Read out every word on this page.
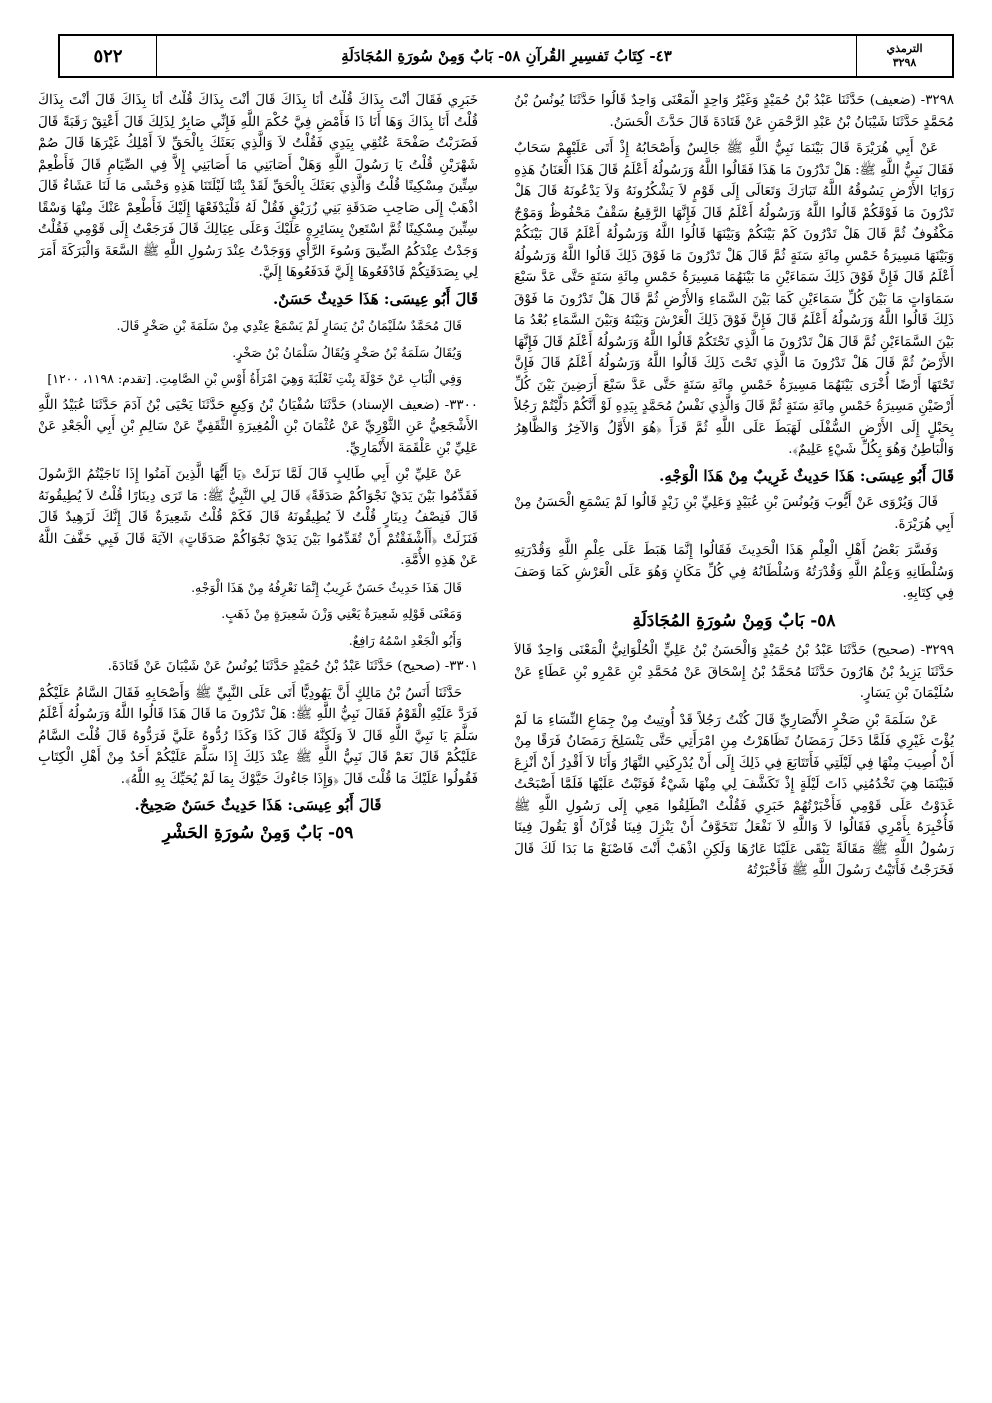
الترمذي
٣٢٩٨
٤٣- كِتَابُ تَفسِيرِ القُرآنِ ٥٨- بَابٌ وَمِنْ سُورَةِ المُجَادَلَةِ
٥٢٢

٣٢٩٨- (ضعيف) حَدَّثَنَا عَبْدُ بْنُ حُمَيْدٍ وَغَيْرُ وَاحِدٍ الْمَعْنَى وَاحِدٌ قَالُوا حَدَّثَنَا يُونُسُ بْنُ مُحَمَّدٍ حَدَّثَنَا شَيْبَانُ بْنُ عَبْدِ الرَّحْمَنِ عَنْ قَتَادَةَ قَالَ حَدَّثَ الْحَسَنُ.

عَنْ أَبِي هُرَيْرَةَ قَالَ بَيْنَمَا نَبِيُّ اللَّهِ ﷺ جَالِسٌ وَأَصْحَابُهُ إِذْ أَتَى عَلَيْهِمْ سَحَابٌ فَقَالَ نَبِيُّ اللَّهِ ﷺ: هَلْ تَدْرُونَ مَا هَذَا فَقَالُوا اللَّهُ وَرَسُولُهُ أَعْلَمُ قَالَ هَذَا الْعَنَانُ هَذِهِ رَوَايَا الأَرْضِ يَسُوقُهُ اللَّهُ تَبَارَكَ وَتَعَالَى إِلَى قَوْمٍ لاَ يَشْكُرُونَهُ وَلاَ يَدْعُونَهُ قَالَ هَلْ تَدْرُونَ مَا فَوْقَكُمْ قَالُوا اللَّهُ وَرَسُولُهُ أَعْلَمُ قَالَ فَإِنَّهَا الرَّقِيعُ سَقْفٌ مَحْفُوظٌ وَمَوْجٌ مَكْفُوفٌ ثُمَّ قَالَ هَلْ تَدْرُونَ كَمْ بَيْنَكُمْ وَبَيْنَهَا قَالُوا اللَّهُ وَرَسُولُهُ أَعْلَمُ قَالَ بَيْنَكُمْ وَبَيْنَهَا مَسِيرَةُ خَمْسِ مِائَةِ سَنَةٍ ثُمَّ قَالَ هَلْ تَدْرُونَ مَا فَوْقَ ذَلِكَ قَالُوا اللَّهُ وَرَسُولُهُ أَعْلَمُ قَالَ فَإِنَّ فَوْقَ ذَلِكَ سَمَاءَيْنِ مَا بَيْنَهُمَا مَسِيرَةُ خَمْسِ مِائَةِ سَنَةٍ حَتَّى عَدَّ سَبْعَ سَمَاوَاتٍ مَا بَيْنَ كُلِّ سَمَاءَيْنِ كَمَا بَيْنَ السَّمَاءِ وَالأَرْضِ ثُمَّ قَالَ هَلْ تَدْرُونَ مَا فَوْقَ ذَلِكَ قَالُوا اللَّهُ وَرَسُولُهُ أَعْلَمُ قَالَ فَإِنَّ فَوْقَ ذَلِكَ الْعَرْشَ وَبَيْنَهُ وَبَيْنَ السَّمَاءِ بُعْدُ مَا بَيْنَ السَّمَاءَيْنِ ثُمَّ قَالَ هَلْ تَدْرُونَ مَا الَّذِي تَحْتَكُمْ قَالُوا اللَّهُ وَرَسُولُهُ أَعْلَمُ قَالَ فَإِنَّهَا الأَرْضُ ثُمَّ قَالَ هَلْ تَدْرُونَ مَا الَّذِي تَحْتَ ذَلِكَ قَالُوا اللَّهُ وَرَسُولُهُ أَعْلَمُ قَالَ فَإِنَّ تَحْتَهَا أَرْضًا أُخْرَى بَيْنَهُمَا مَسِيرَةُ خَمْسِ مِائَةِ سَنَةٍ حَتَّى عَدَّ سَبْعَ أَرَضِينَ بَيْنَ كُلِّ أَرْضَيْنِ مَسِيرَةُ خَمْسِ مِائَةِ سَنَةٍ ثُمَّ قَالَ وَالَّذِي نَفْسُ مُحَمَّدٍ بِيَدِهِ لَوْ أَنَّكُمْ دَلَّيْتُمْ رَجُلاً بِحَبْلٍ إِلَى الأَرْضِ السُّفْلَى لَهَبَطَ عَلَى اللَّهِ ثُمَّ قَرَأَ ﴿هُوَ الأَوَّلُ وَالآخِرُ وَالظَّاهِرُ وَالْبَاطِنُ وَهُوَ بِكُلِّ شَيْءٍ عَلِيمٌ﴾.

قَالَ أَبُو عِيسَى: هَذَا حَدِيثٌ غَرِيبٌ مِنْ هَذَا الْوَجْهِ.

قَالَ وَيُرْوَى عَنْ أَيُّوبَ وَيُونُسَ بْنِ عُبَيْدٍ وَعَلِيِّ بْنِ زَيْدٍ قَالُوا لَمْ يَسْمَعِ الْحَسَنُ مِنْ أَبِي هُرَيْرَةَ.

وَفَسَّرَ بَعْضُ أَهْلِ الْعِلْمِ هَذَا الْحَدِيثَ فَقَالُوا إِنَّمَا هَبَطَ عَلَى عِلْمِ اللَّهِ وَقُدْرَتِهِ وَسُلْطَانِهِ وَعِلْمُ اللَّهِ وَقُدْرَتُهُ وَسُلْطَانُهُ فِي كُلِّ مَكَانٍ وَهُوَ عَلَى الْعَرْشِ كَمَا وَصَفَ فِي كِتَابِهِ.

٥٨- بَابٌ وَمِنْ سُورَةِ المُجَادَلَةِ

٣٢٩٩- (صحيح) حَدَّثَنَا عَبْدُ بْنُ حُمَيْدٍ وَالْحَسَنُ بْنُ عَلِيٍّ الْحُلْوَانِيُّ الْمَعْنَى وَاحِدٌ قَالاَ حَدَّثَنَا يَزِيدُ بْنُ هَارُونَ حَدَّثَنَا مُحَمَّدُ بْنُ إِسْحَاقَ عَنْ مُحَمَّدِ بْنِ عَمْرِو بْنِ عَطَاءٍ عَنْ سُلَيْمَانَ بْنِ يَسَارٍ.

عَنْ سَلَمَةَ بْنِ صَخْرٍ الأَنْصَارِيِّ قَالَ كُنْتُ رَجُلاً قَدْ أُوتِيتُ مِنْ جِمَاعِ النِّسَاءِ مَا لَمْ يُؤْتَ غَيْرِي فَلَمَّا دَخَلَ رَمَضَانُ تَظَاهَرْتُ مِنِ امْرَأَتِي حَتَّى يَنْسَلِخَ رَمَضَانُ فَرَقًا مِنْ أَنْ أُصِيبَ مِنْهَا فِي لَيْلَتِي فَأَتَتَابَعَ فِي ذَلِكَ إِلَى أَنْ يُدْرِكَنِي النَّهَارُ وَأَنَا لاَ أَقْدِرُ أَنْ أَنْزِعَ فَبَيْنَمَا هِيَ تَخْدُمُنِي ذَاتَ لَيْلَةٍ إِذْ تَكَشَّفَ لِي مِنْهَا شَيْءٌ فَوَثَبْتُ عَلَيْهَا فَلَمَّا أَصْبَحْتُ غَدَوْتُ عَلَى قَوْمِي فَأَخْبَرْتُهُمْ خَبَرِي فَقُلْتُ انْطَلِقُوا مَعِي إِلَى رَسُولِ اللَّهِ ﷺ فَأُخْبِرَهُ بِأَمْرِي فَقَالُوا لاَ وَاللَّهِ لاَ نَفْعَلُ نَتَخَوَّفُ أَنْ يَنْزِلَ فِينَا قُرْآنٌ أَوْ يَقُولَ فِينَا رَسُولُ اللَّهِ ﷺ مَقَالَةً يَبْقَى عَلَيْنَا عَارُهَا وَلَكِنِ اذْهَبْ أَنْتَ فَاصْنَعْ مَا بَدَا لَكَ قَالَ فَخَرَجْتُ فَأَتَيْتُ رَسُولَ اللَّهِ ﷺ فَأَخْبَرْتُهُ

خَبَرِي فَقَالَ أَنْتَ بِذَاكَ قُلْتُ أَنَا بِذَاكَ قَالَ أَنْتَ بِذَاكَ قُلْتُ أَنَا بِذَاكَ قَالَ أَنْتَ بِذَاكَ قُلْتُ أَنَا بِذَاكَ وَهَا أَنَا ذَا فَأَمْضِ فِيَّ حُكْمَ اللَّهِ فَإِنِّي صَابِرٌ لِذَلِكَ قَالَ أَعْتِقْ رَقَبَةً قَالَ فَضَرَبْتُ صَفْحَةَ عُنُقِي بِيَدِي فَقُلْتُ لاَ وَالَّذِي بَعَثَكَ بِالْحَقِّ لاَ أَمْلِكُ غَيْرَهَا قَالَ صُمْ شَهْرَيْنِ قُلْتُ يَا رَسُولَ اللَّهِ وَهَلْ أَصَابَنِي مَا أَصَابَنِي إِلاَّ فِي الصِّيَامِ قَالَ فَأَطْعِمْ سِتِّينَ مِسْكِينًا قُلْتُ وَالَّذِي بَعَثَكَ بِالْحَقِّ لَقَدْ بِتْنَا لَيْلَتَنَا هَذِهِ وَحْشَى مَا لَنَا عَشَاءٌ قَالَ اذْهَبْ إِلَى صَاحِبِ صَدَقَةِ بَنِي زُرَيْقٍ فَقُلْ لَهُ فَلْيَدْفَعْهَا إِلَيْكَ فَأَطْعِمْ عَنْكَ مِنْهَا وَسْقًا سِتِّينَ مِسْكِينًا ثُمَّ اسْتَعِنْ بِسَائِرِهِ عَلَيْكَ وَعَلَى عِيَالِكَ قَالَ فَرَجَعْتُ إِلَى قَوْمِي فَقُلْتُ وَجَدْتُ عِنْدَكُمُ الضِّيقَ وَسُوءَ الرَّأْيِ وَوَجَدْتُ عِنْدَ رَسُولِ اللَّهِ ﷺ السَّعَةَ وَالْبَرَكَةَ أَمَرَ لِي بِصَدَقَتِكُمْ فَادْفَعُوهَا إِلَيَّ فَدَفَعُوهَا إِلَيَّ.

قَالَ أَبُو عِيسَى: هَذَا حَدِيثٌ حَسَنٌ.

قَالَ مُحَمَّدٌ سُلَيْمَانُ بْنُ يَسَارٍ لَمْ يَسْمَعْ عِنْدِي مِنْ سَلَمَةَ بْنِ صَخْرٍ قَالَ.

وَيُقَالُ سَلَمَةُ بْنُ صَخْرٍ وَيُقَالُ سَلْمَانُ بْنُ صَخْرٍ.

وَفِي الْبَابِ عَنْ خَوْلَةَ بِنْتِ ثَعْلَبَةَ وَهِيَ امْرَأَةُ أَوْسِ بْنِ الصَّامِتِ. [تقدم: ١١٩٨، ١٢٠٠]

٣٣٠٠- (ضعيف الإسناد) حَدَّثَنَا سُفْيَانُ بْنُ وَكِيعٍ حَدَّثَنَا يَحْيَى بْنُ آدَمَ حَدَّثَنَا عُبَيْدُ اللَّهِ الأَشْجَعِيُّ عَنِ الثَّوْرِيِّ عَنْ عُثْمَانَ بْنِ الْمُغِيرَةِ الثَّقَفِيِّ عَنْ سَالِمِ بْنِ أَبِي الْجَعْدِ عَنْ عَلِيِّ بْنِ عَلْقَمَةَ الأَنْمَارِيِّ.

عَنْ عَلِيِّ بْنِ أَبِي طَالِبٍ قَالَ لَمَّا نَزَلَتْ ﴿يَا أَيُّهَا الَّذِينَ آمَنُوا إِذَا نَاجَيْتُمُ الرَّسُولَ فَقَدِّمُوا بَيْنَ يَدَيْ نَجْوَاكُمْ صَدَقَةً﴾ قَالَ لِي النَّبِيُّ ﷺ: مَا تَرَى دِينَارًا قُلْتُ لاَ يُطِيقُونَهُ قَالَ فَنِصْفُ دِينَارٍ قُلْتُ لاَ يُطِيقُونَهُ قَالَ فَكَمْ قُلْتُ شَعِيرَةٌ قَالَ إِنَّكَ لَزَهِيدٌ قَالَ فَنَزَلَتْ ﴿أَأَشْفَقْتُمْ أَنْ تُقَدِّمُوا بَيْنَ يَدَيْ نَجْوَاكُمْ صَدَقَاتٍ﴾ الآيَةَ قَالَ فَبِي خَفَّفَ اللَّهُ عَنْ هَذِهِ الأُمَّةِ.

قَالَ هَذَا حَدِيثٌ حَسَنٌ غَرِيبٌ إِنَّمَا نَعْرِفُهُ مِنْ هَذَا الْوَجْهِ.

وَمَعْنَى قَوْلِهِ شَعِيرَةٌ يَعْنِي وَزْنَ شَعِيرَةٍ مِنْ ذَهَبٍ.

وَأَبُو الْجَعْدِ اسْمُهُ رَافِعٌ.

٣٣٠١- (صحيح) حَدَّثَنَا عَبْدُ بْنُ حُمَيْدٍ حَدَّثَنَا يُونُسُ عَنْ شَيْبَانَ عَنْ قَتَادَةَ.

حَدَّثَنَا أَنَسُ بْنُ مَالِكٍ أَنَّ يَهُودِيًّا أَتَى عَلَى النَّبِيِّ ﷺ وَأَصْحَابِهِ فَقَالَ السَّامُ عَلَيْكُمْ فَرَدَّ عَلَيْهِ الْقَوْمُ فَقَالَ نَبِيُّ اللَّهِ ﷺ: هَلْ تَدْرُونَ مَا قَالَ هَذَا قَالُوا اللَّهُ وَرَسُولُهُ أَعْلَمُ سَلَّمَ يَا نَبِيَّ اللَّهِ قَالَ لاَ وَلَكِنَّهُ قَالَ كَذَا وَكَذَا رُدُّوهُ عَلَيَّ فَرَدُّوهُ قَالَ قُلْتَ السَّامُ عَلَيْكُمْ قَالَ نَعَمْ قَالَ نَبِيُّ اللَّهِ ﷺ عِنْدَ ذَلِكَ إِذَا سَلَّمَ عَلَيْكُمْ أَحَدٌ مِنْ أَهْلِ الْكِتَابِ فَقُولُوا عَلَيْكَ مَا قُلْتَ قَالَ ﴿وَإِذَا جَاءُوكَ حَيَّوْكَ بِمَا لَمْ يُحَيِّكَ بِهِ اللَّهُ﴾.

قَالَ أَبُو عِيسَى: هَذَا حَدِيثٌ حَسَنٌ صَحِيحٌ.

٥٩- بَابٌ وَمِنْ سُورَةِ الحَشْرِ
